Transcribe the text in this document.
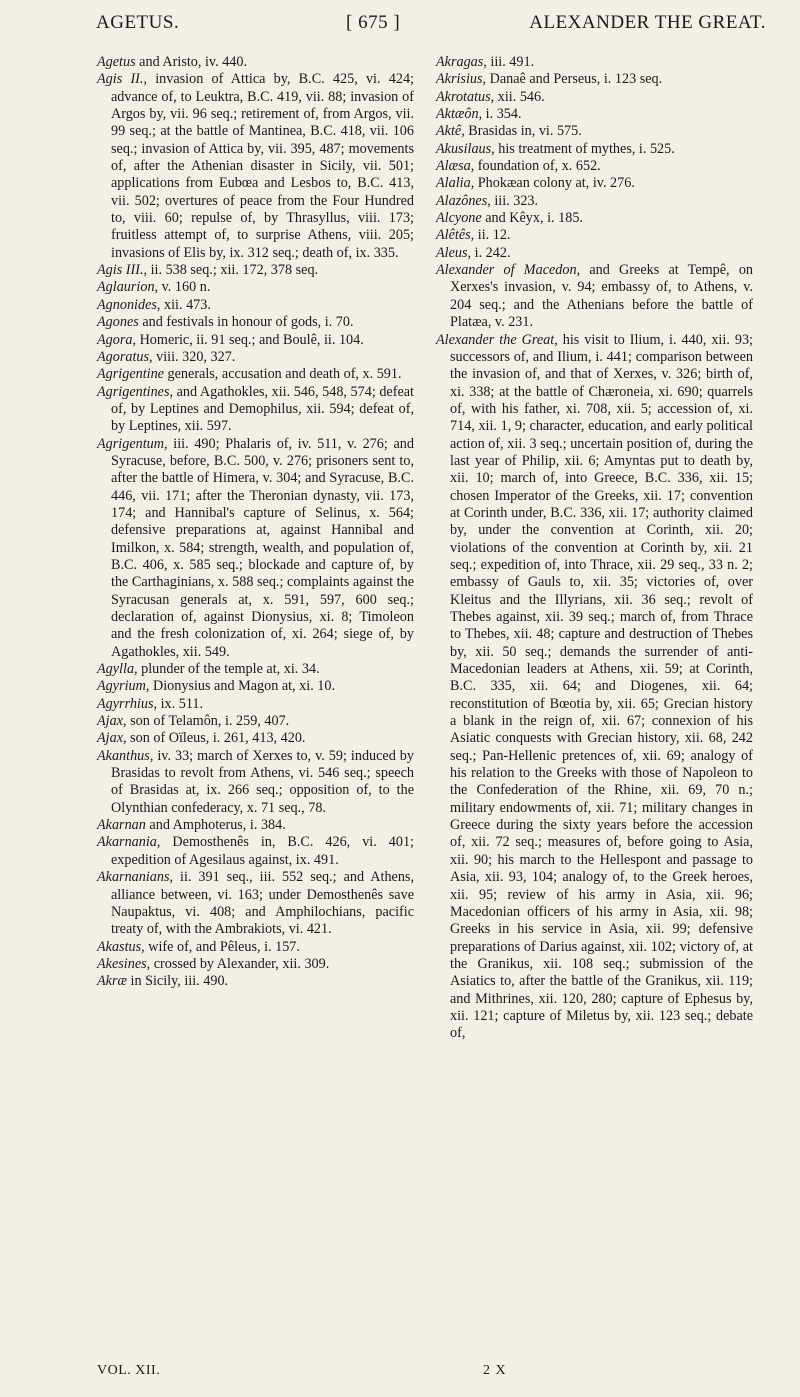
AGETUS.	[ 675 ]	ALEXANDER THE GREAT.

Agetus and Aristo, iv. 440.

Agis II., invasion of Attica by, B.C. 425, vi. 424; advance of, to Leuktra, B.C. 419, vii. 88; invasion of Argos by, vii. 96 seq.; retirement of, from Argos, vii. 99 seq.; at the battle of Mantinea, B.C. 418, vii. 106 seq.; invasion of Attica by, vii. 395, 487; movements of, after the Athenian disaster in Sicily, vii. 501; applications from Eubœa and Lesbos to, B.C. 413, vii. 502; overtures of peace from the Four Hundred to, viii. 60; repulse of, by Thrasyllus, viii. 173; fruitless attempt of, to surprise Athens, viii. 205; invasions of Elis by, ix. 312 seq.; death of, ix. 335.

Agis III., ii. 538 seq.; xii. 172, 378 seq.

Aglaurion, v. 160 n.

Agnonides, xii. 473.

Agones and festivals in honour of gods, i. 70.

Agora, Homeric, ii. 91 seq.; and Boulê, ii. 104.

Agoratus, viii. 320, 327.

Agrigentine generals, accusation and death of, x. 591.

Agrigentines, and Agathokles, xii. 546, 548, 574; defeat of, by Leptines and Demophilus, xii. 594; defeat of, by Leptines, xii. 597.

Agrigentum, iii. 490; Phalaris of, iv. 511, v. 276; and Syracuse, before, B.C. 500, v. 276; prisoners sent to, after the battle of Himera, v. 304; and Syracuse, B.C. 446, vii. 171; after the Theronian dynasty, vii. 173, 174; and Hannibal's capture of Selinus, x. 564; defensive preparations at, against Hannibal and Imilkon, x. 584; strength, wealth, and population of, B.C. 406, x. 585 seq.; blockade and capture of, by the Carthaginians, x. 588 seq.; complaints against the Syracusan generals at, x. 591, 597, 600 seq.; declaration of, against Dionysius, xi. 8; Timoleon and the fresh colonization of, xi. 264; siege of, by Agathokles, xii. 549.

Agylla, plunder of the temple at, xi. 34.

Agyrium, Dionysius and Magon at, xi. 10.

Agyrrhius, ix. 511.

Ajax, son of Telamôn, i. 259, 407.

Ajax, son of Oïleus, i. 261, 413, 420.

Akanthus, iv. 33; march of Xerxes to, v. 59; induced by Brasidas to revolt from Athens, vi. 546 seq.; speech of Brasidas at, ix. 266 seq.; opposition of, to the Olynthian confederacy, x. 71 seq., 78.

Akarnan and Amphoterus, i. 384.

Akarnania, Demosthenês in, B.C. 426, vi. 401; expedition of Agesilaus against, ix. 491.

Akarnanians, ii. 391 seq., iii. 552 seq.; and Athens, alliance between, vi. 163; under Demosthenês save Naupaktus, vi. 408; and Amphilochians, pacific treaty of, with the Ambrakiots, vi. 421.

Akastus, wife of, and Pêleus, i. 157.

Akesines, crossed by Alexander, xii. 309.

Akræ in Sicily, iii. 490.

Akragas, iii. 491.

Akrisius, Danaê and Perseus, i. 123 seq.

Akrotatus, xii. 546.

Aktæôn, i. 354.

Aktê, Brasidas in, vi. 575.

Akusilaus, his treatment of mythes, i. 525.

Alæsa, foundation of, x. 652.

Alalia, Phokæan colony at, iv. 276.

Alazônes, iii. 323.

Alcyone and Kêyx, i. 185.

Alêtês, ii. 12.

Aleus, i. 242.

Alexander of Macedon, and Greeks at Tempê, on Xerxes's invasion, v. 94; embassy of, to Athens, v. 204 seq.; and the Athenians before the battle of Platæa, v. 231.

Alexander the Great, his visit to Ilium, i. 440, xii. 93; successors of, and Ilium, i. 441; comparison between the invasion of, and that of Xerxes, v. 326; birth of, xi. 338; at the battle of Chæroneia, xi. 690; quarrels of, with his father, xi. 708, xii. 5; accession of, xi. 714, xii. 1, 9; character, education, and early political action of, xii. 3 seq.; uncertain position of, during the last year of Philip, xii. 6; Amyntas put to death by, xii. 10; march of, into Greece, B.C. 336, xii. 15; chosen Imperator of the Greeks, xii. 17; convention at Corinth under, B.C. 336, xii. 17; authority claimed by, under the convention at Corinth, xii. 20; violations of the convention at Corinth by, xii. 21 seq.; expedition of, into Thrace, xii. 29 seq., 33 n. 2; embassy of Gauls to, xii. 35; victories of, over Kleitus and the Illyrians, xii. 36 seq.; revolt of Thebes against, xii. 39 seq.; march of, from Thrace to Thebes, xii. 48; capture and destruction of Thebes by, xii. 50 seq.; demands the surrender of anti-Macedonian leaders at Athens, xii. 59; at Corinth, B.C. 335, xii. 64; and Diogenes, xii. 64; reconstitution of Bœotia by, xii. 65; Grecian history a blank in the reign of, xii. 67; connexion of his Asiatic conquests with Grecian history, xii. 68, 242 seq.; Pan-Hellenic pretences of, xii. 69; analogy of his relation to the Greeks with those of Napoleon to the Confederation of the Rhine, xii. 69, 70 n.; military endowments of, xii. 71; military changes in Greece during the sixty years before the accession of, xii. 72 seq.; measures of, before going to Asia, xii. 90; his march to the Hellespont and passage to Asia, xii. 93, 104; analogy of, to the Greek heroes, xii. 95; review of his army in Asia, xii. 96; Macedonian officers of his army in Asia, xii. 98; Greeks in his service in Asia, xii. 99; defensive preparations of Darius against, xii. 102; victory of, at the Granikus, xii. 108 seq.; submission of the Asiatics to, after the battle of the Granikus, xii. 119; and Mithrines, xii. 120, 280; capture of Ephesus by, xii. 121; capture of Miletus by, xii. 123 seq.; debate of,

VOL. XII.	2 X
